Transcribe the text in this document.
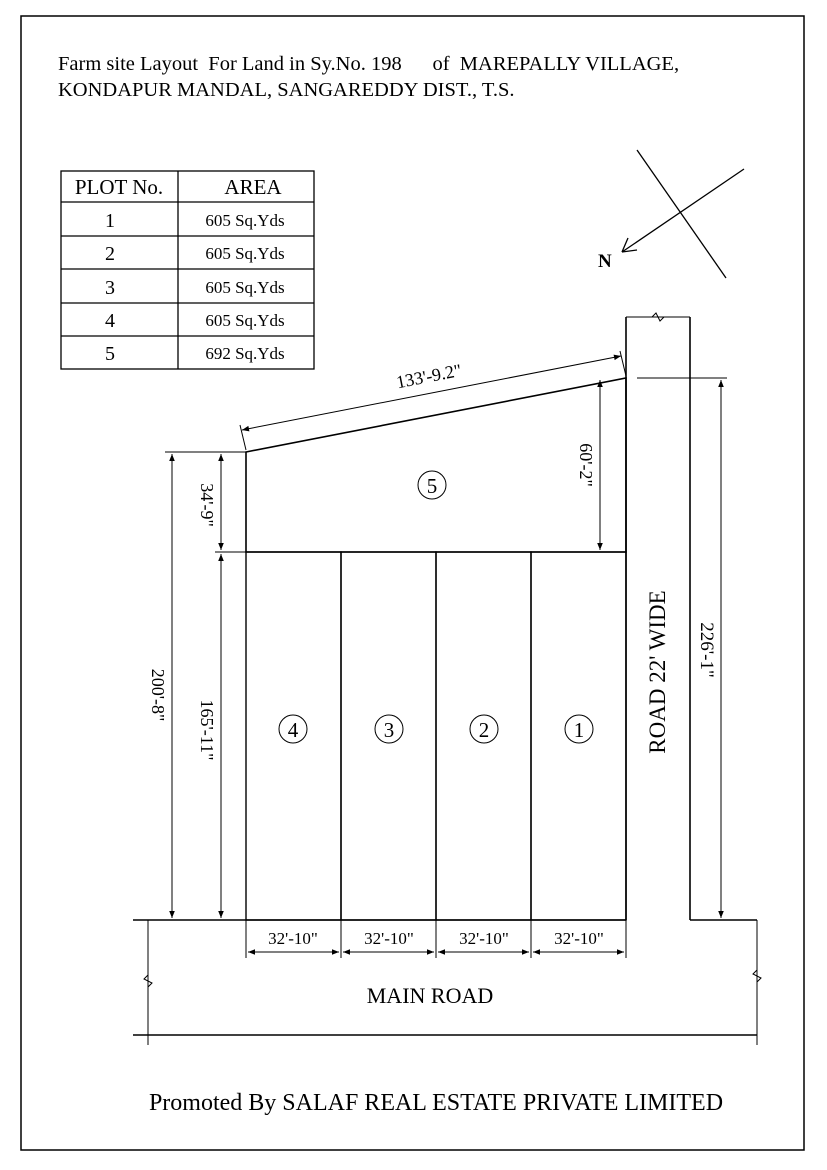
Farm site Layout  For Land in Sy.No. 198      of  MAREPALLY VILLAGE,
KONDAPUR MANDAL, SANGAREDDY DIST., T.S.
PLOT No.	AREA
1	605 Sq.Yds
2	605 Sq.Yds
3	605 Sq.Yds
4	605 Sq.Yds
5	692 Sq.Yds
N
MAIN ROAD
5
4	3	2	1
133'-9.2"
60'-2"
34'-9"
165'-11"
200'-8"
226'-1"
ROAD 22' WIDE
32'-10"	32'-10"	32'-10"	32'-10"
Promoted By SALAF REAL ESTATE PRIVATE LIMITED
